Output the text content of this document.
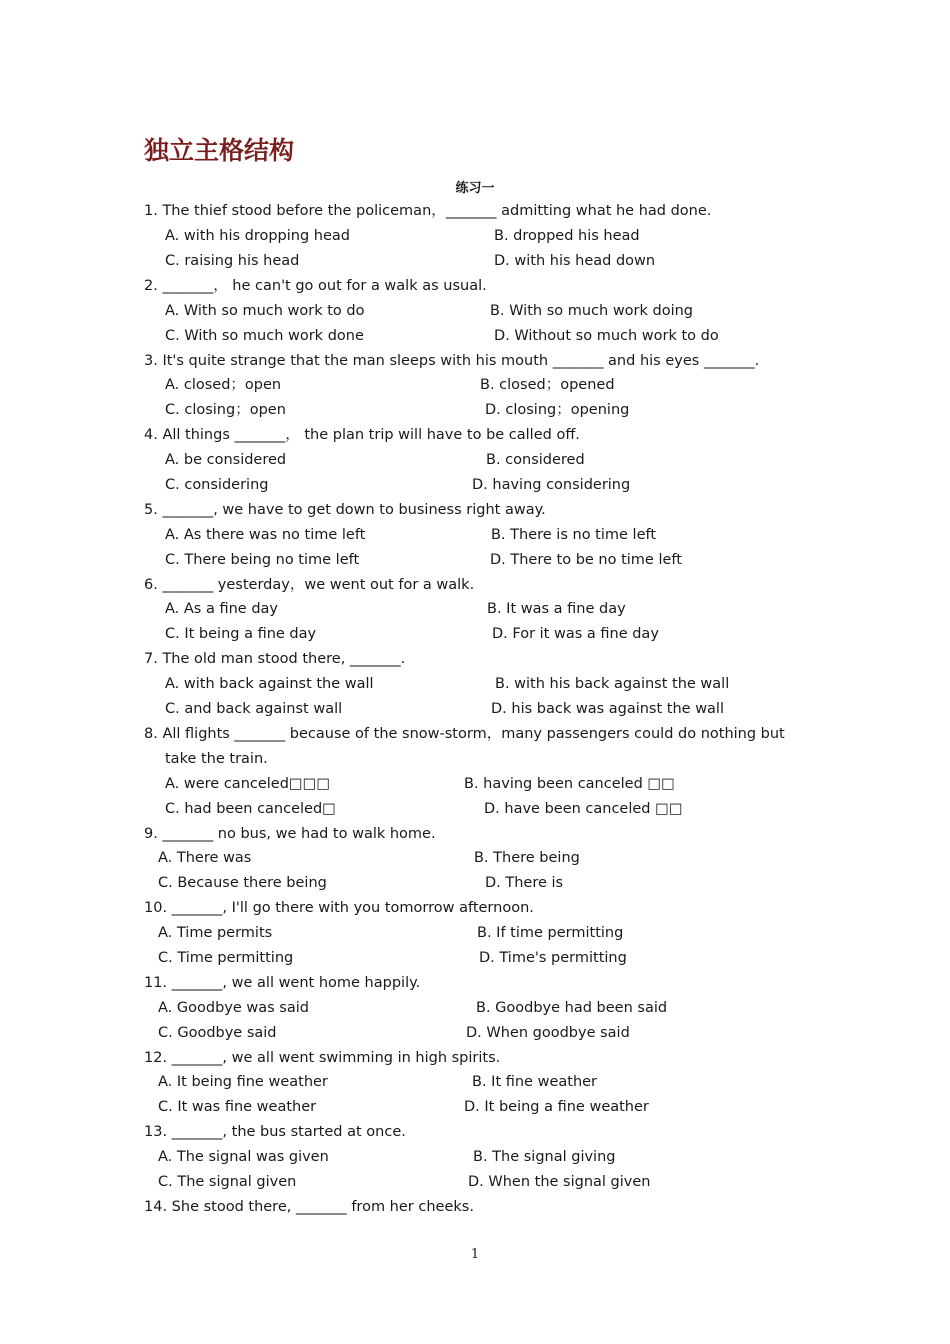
独立主格结构
练习一
1. The thief stood before the policeman，_______ admitting what he had done.
A. with his dropping head	B. dropped his head
C. raising his head	D. with his head down
2. _______， he can't go out for a walk as usual.
A. With so much work to do	B. With so much work doing
C. With so much work done	D. Without so much work to do
3. It's quite strange that the man sleeps with his mouth _______ and his eyes _______.
A. closed；open	B. closed；opened
C. closing；open	D. closing；opening
4. All things _______， the plan trip will have to be called off.
A. be considered	B. considered
C. considering	D. having considering
5. _______, we have to get down to business right away.
A. As there was no time left	B. There is no time left
C. There being no time left	D. There to be no time left
6. _______ yesterday，we went out for a walk.
A. As a fine day	B. It was a fine day
C. It being a fine day	D. For it was a fine day
7. The old man stood there, _______.
A. with back against the wall	B. with his back against the wall
C. and back against wall	D. his back was against the wall
8. All flights _______ because of the snow-storm，many passengers could do nothing but
take the train.
A. were canceled□□□	B. having been canceled □□
C. had been canceled□	D. have been canceled □□
9. _______ no bus, we had to walk home.
A. There was	B. There being
C. Because there being	D. There is
10. _______, I'll go there with you tomorrow afternoon.
A. Time permits	B. If time permitting
C. Time permitting	D. Time's permitting
11. _______, we all went home happily.
A. Goodbye was said	B. Goodbye had been said
C. Goodbye said	D. When goodbye said
12. _______, we all went swimming in high spirits.
A. It being fine weather	B. It fine weather
C. It was fine weather	D. It being a fine weather
13. _______, the bus started at once.
A. The signal was given	B. The signal giving
C. The signal given	D. When the signal given
14. She stood there, _______ from her cheeks.
1
